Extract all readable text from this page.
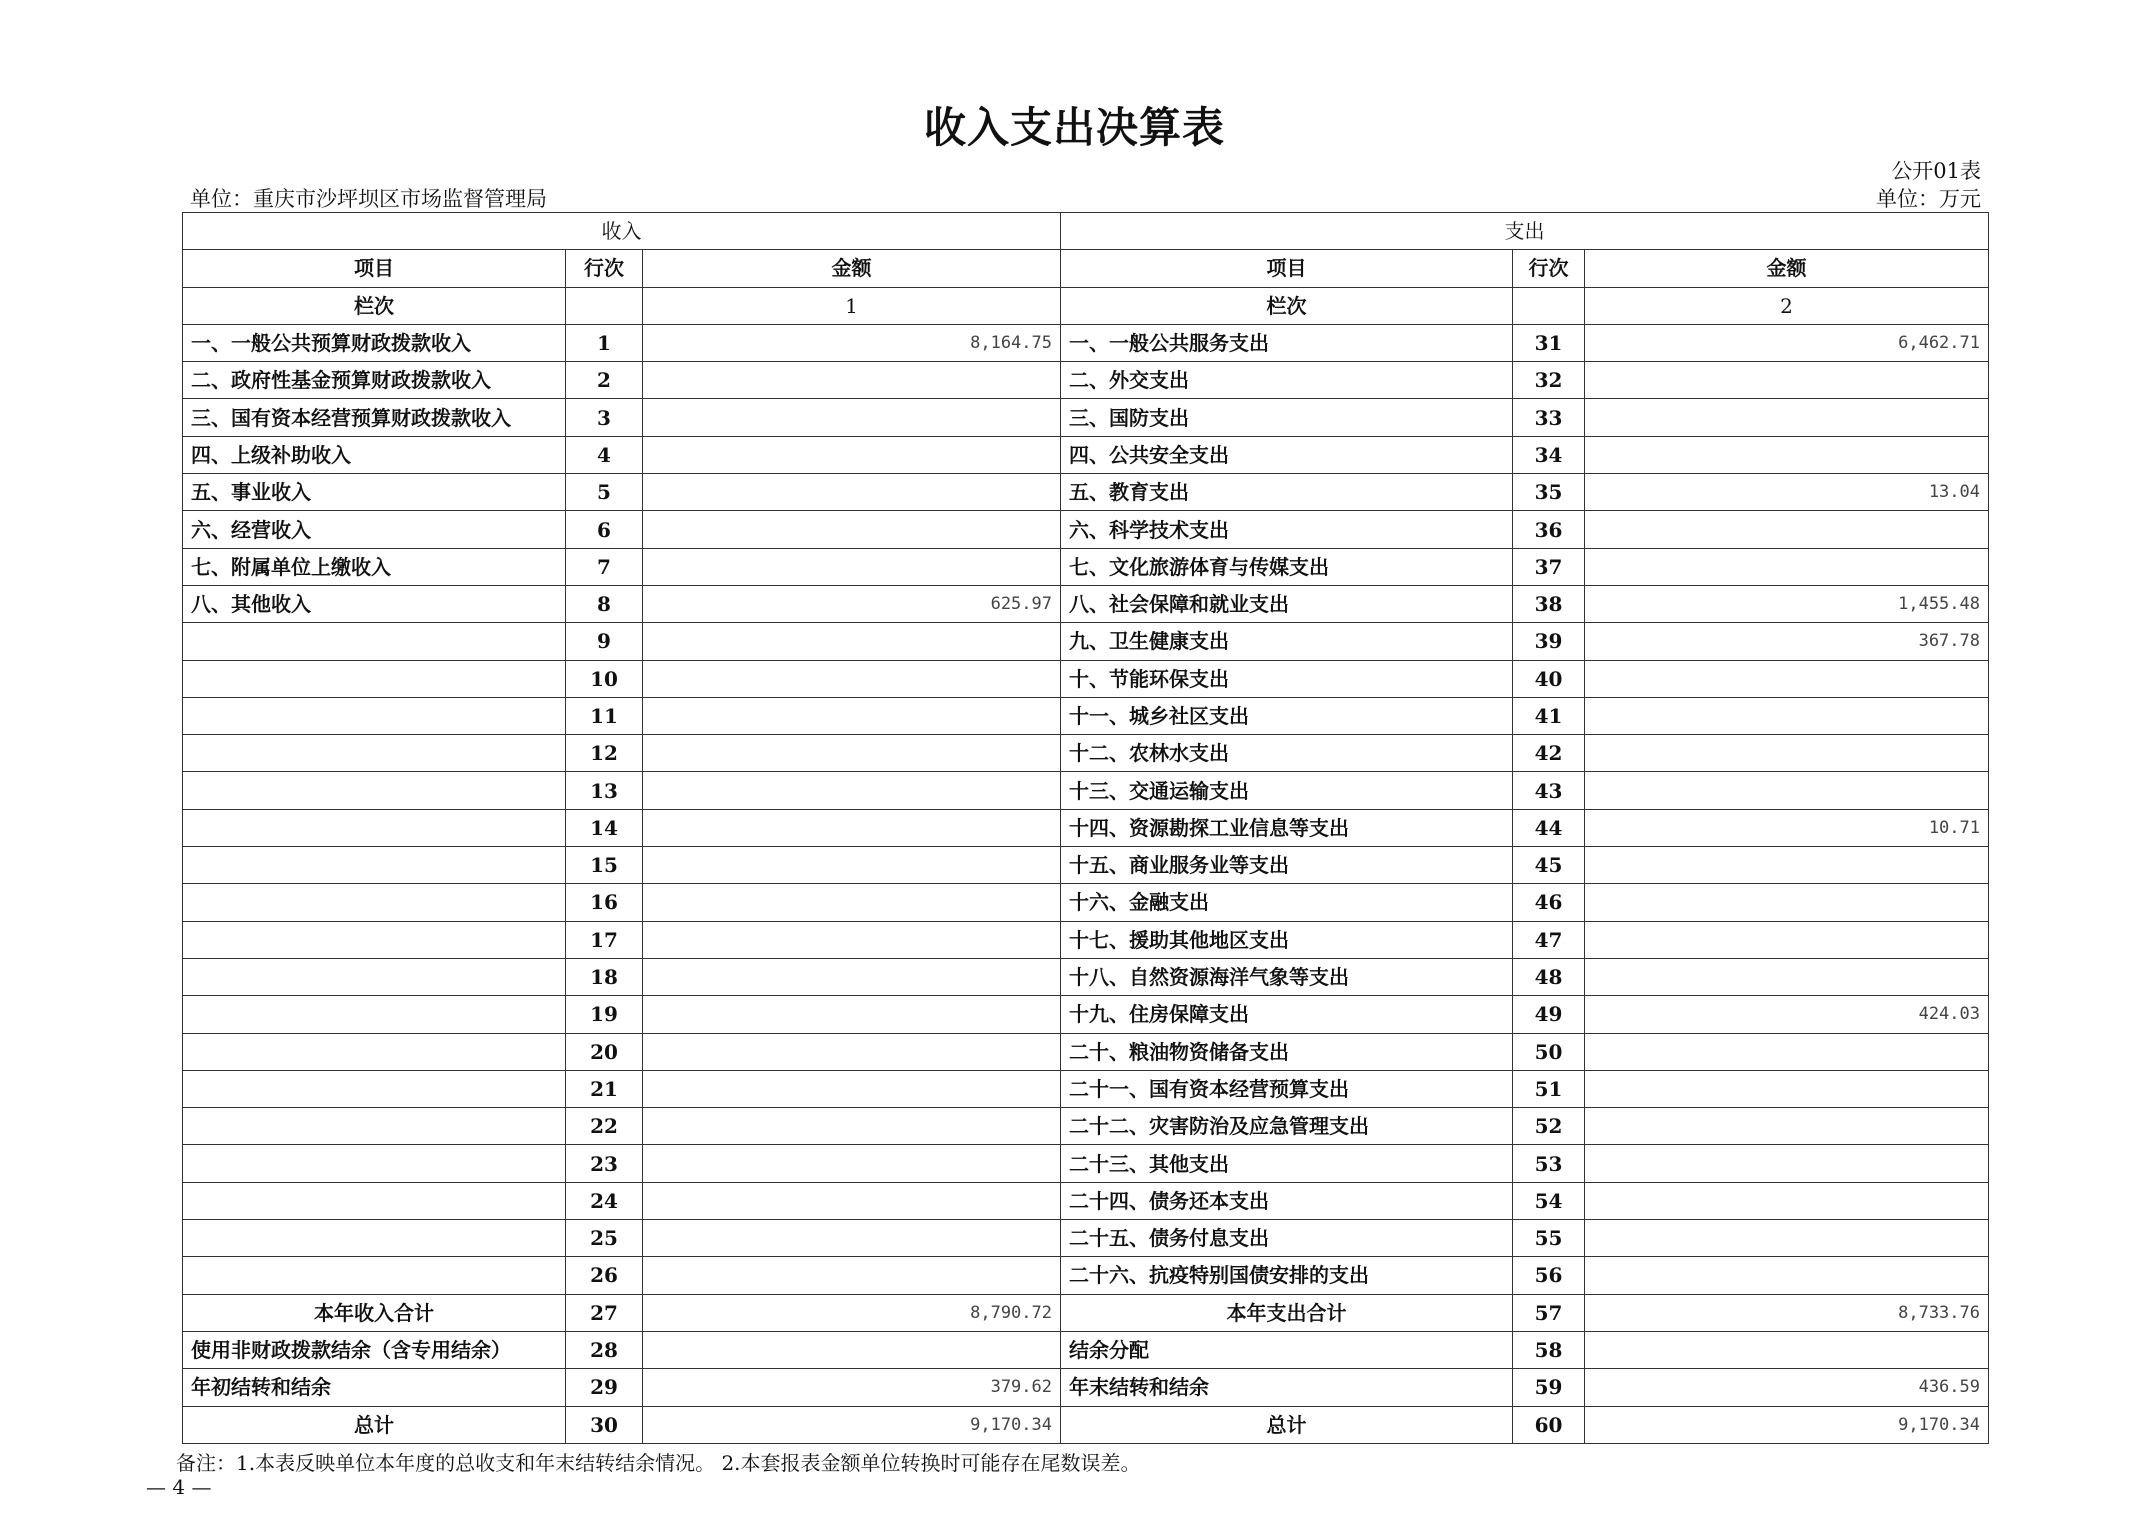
收入支出决算表
公开01表
单位：重庆市沙坪坝区市场监督管理局	单位：万元
收入			支出		
项目	行次	金额	项目	行次	金额
栏次		1	栏次		2
一、一般公共预算财政拨款收入	1	8,164.75	一、一般公共服务支出	31	6,462.71
二、政府性基金预算财政拨款收入	2		二、外交支出	32	
三、国有资本经营预算财政拨款收入	3		三、国防支出	33	
四、上级补助收入	4		四、公共安全支出	34	
五、事业收入	5		五、教育支出	35	13.04
六、经营收入	6		六、科学技术支出	36	
七、附属单位上缴收入	7		七、文化旅游体育与传媒支出	37	
八、其他收入	8	625.97	八、社会保障和就业支出	38	1,455.48
	9		九、卫生健康支出	39	367.78
	10		十、节能环保支出	40	
	11		十一、城乡社区支出	41	
	12		十二、农林水支出	42	
	13		十三、交通运输支出	43	
	14		十四、资源勘探工业信息等支出	44	10.71
	15		十五、商业服务业等支出	45	
	16		十六、金融支出	46	
	17		十七、援助其他地区支出	47	
	18		十八、自然资源海洋气象等支出	48	
	19		十九、住房保障支出	49	424.03
	20		二十、粮油物资储备支出	50	
	21		二十一、国有资本经营预算支出	51	
	22		二十二、灾害防治及应急管理支出	52	
	23		二十三、其他支出	53	
	24		二十四、债务还本支出	54	
	25		二十五、债务付息支出	55	
	26		二十六、抗疫特别国债安排的支出	56	
本年收入合计	27	8,790.72	本年支出合计	57	8,733.76
使用非财政拨款结余（含专用结余）	28		结余分配	58	
年初结转和结余	29	379.62	年末结转和结余	59	436.59
总计	30	9,170.34	总计	60	9,170.34
备注：1.本表反映单位本年度的总收支和年末结转结余情况。 2.本套报表金额单位转换时可能存在尾数误差。
— 4 —
